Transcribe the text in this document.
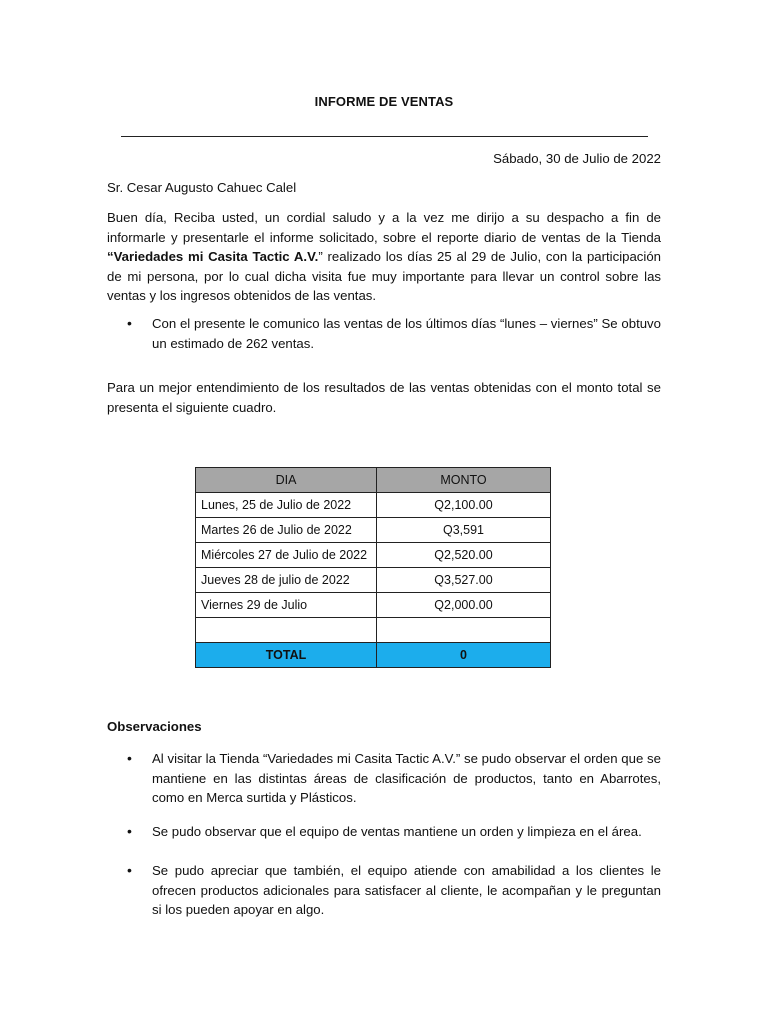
INFORME DE VENTAS
Sábado, 30 de Julio de 2022
Sr. Cesar Augusto Cahuec Calel
Buen día, Reciba usted, un cordial saludo y a la vez me dirijo a su despacho a fin de informarle y presentarle el informe solicitado, sobre el reporte diario de ventas de la Tienda “Variedades mi Casita Tactic A.V.” realizado los días 25 al 29 de Julio, con la participación de mi persona, por lo cual dicha visita fue muy importante para llevar un control sobre las ventas y los ingresos obtenidos de las ventas.
• Con el presente le comunico las ventas de los últimos días “lunes – viernes” Se obtuvo un estimado de 262 ventas.
Para un mejor entendimiento de los resultados de las ventas obtenidas con el monto total se presenta el siguiente cuadro.
DIA	MONTO
Lunes, 25 de Julio de 2022	Q2,100.00
Martes 26 de Julio de 2022	Q3,591
Miércoles 27 de Julio de 2022	Q2,520.00
Jueves 28 de julio de 2022	Q3,527.00
Viernes 29 de Julio	Q2,000.00

TOTAL	0
Observaciones
• Al visitar la Tienda “Variedades mi Casita Tactic A.V.” se pudo observar el orden que se mantiene en las distintas áreas de clasificación de productos, tanto en Abarrotes, como en Merca surtida y Plásticos.
• Se pudo observar que el equipo de ventas mantiene un orden y limpieza en el área.
• Se pudo apreciar que también, el equipo atiende con amabilidad a los clientes le ofrecen productos adicionales para satisfacer al cliente, le acompañan y le preguntan si los pueden apoyar en algo.
